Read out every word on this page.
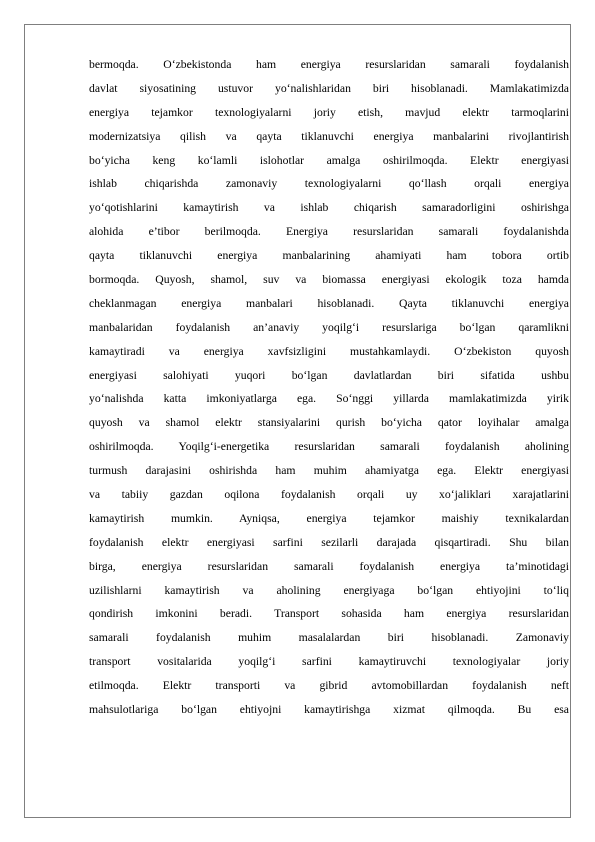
bermoqda. O‘zbekistonda ham energiya resurslaridan samarali foydalanish
davlat siyosatining ustuvor yo‘nalishlaridan biri hisoblanadi. Mamlakatimizda
energiya tejamkor texnologiyalarni joriy etish, mavjud elektr tarmoqlarini
modernizatsiya qilish va qayta tiklanuvchi energiya manbalarini rivojlantirish
bo‘yicha keng ko‘lamli islohotlar amalga oshirilmoqda. Elektr energiyasi
ishlab chiqarishda zamonaviy texnologiyalarni qo‘llash orqali energiya
yo‘qotishlarini kamaytirish va ishlab chiqarish samaradorligini oshirishga
alohida e’tibor berilmoqda. Energiya resurslaridan samarali foydalanishda
qayta tiklanuvchi energiya manbalarining ahamiyati ham tobora ortib
bormoqda. Quyosh, shamol, suv va biomassa energiyasi ekologik toza hamda
cheklanmagan energiya manbalari hisoblanadi. Qayta tiklanuvchi energiya
manbalaridan foydalanish an’anaviy yoqilg‘i resurslariga bo‘lgan qaramlikni
kamaytiradi va energiya xavfsizligini mustahkamlaydi. O‘zbekiston quyosh
energiyasi salohiyati yuqori bo‘lgan davlatlardan biri sifatida ushbu
yo‘nalishda katta imkoniyatlarga ega. So‘nggi yillarda mamlakatimizda yirik
quyosh va shamol elektr stansiyalarini qurish bo‘yicha qator loyihalar amalga
oshirilmoqda. Yoqilg‘i-energetika resurslaridan samarali foydalanish aholining
turmush darajasini oshirishda ham muhim ahamiyatga ega. Elektr energiyasi
va tabiiy gazdan oqilona foydalanish orqali uy xo‘jaliklari xarajatlarini
kamaytirish mumkin. Ayniqsa, energiya tejamkor maishiy texnikalardan
foydalanish elektr energiyasi sarfini sezilarli darajada qisqartiradi. Shu bilan
birga, energiya resurslaridan samarali foydalanish energiya ta’minotidagi
uzilishlarni kamaytirish va aholining energiyaga bo‘lgan ehtiyojini to‘liq
qondirish imkonini beradi. Transport sohasida ham energiya resurslaridan
samarali foydalanish muhim masalalardan biri hisoblanadi. Zamonaviy
transport vositalarida yoqilg‘i sarfini kamaytiruvchi texnologiyalar joriy
etilmoqda. Elektr transporti va gibrid avtomobillardan foydalanish neft
mahsulotlariga bo‘lgan ehtiyojni kamaytirishga xizmat qilmoqda. Bu esa
